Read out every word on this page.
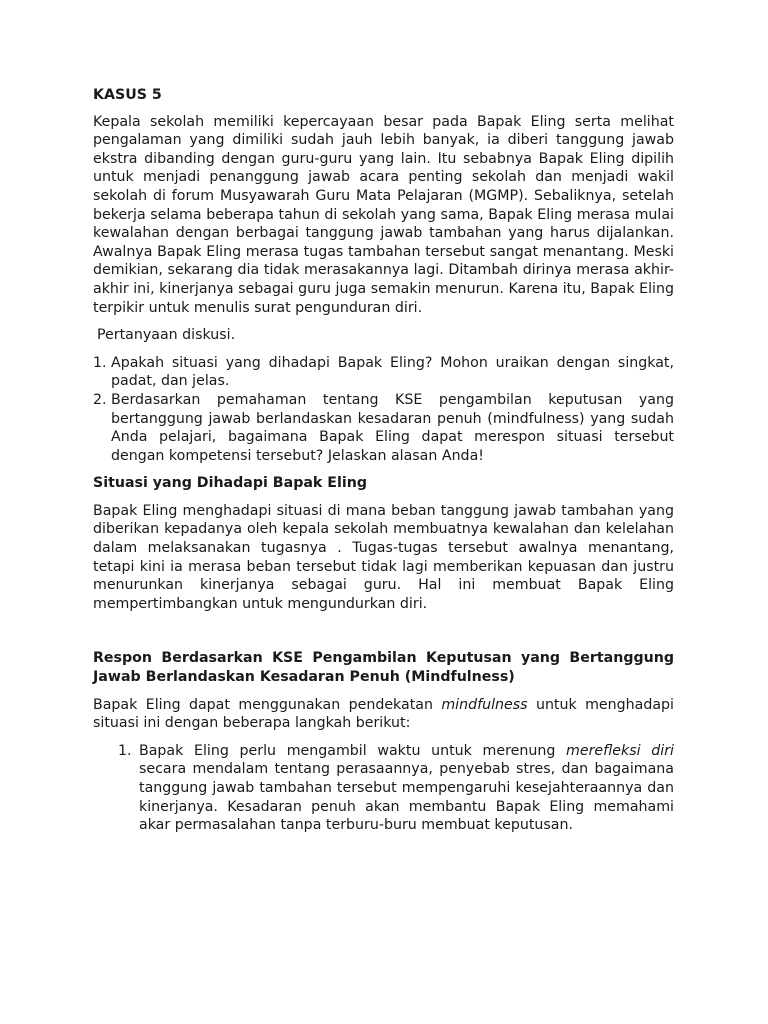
KASUS 5

Kepala sekolah memiliki kepercayaan besar pada Bapak Eling serta melihat pengalaman yang dimiliki sudah jauh lebih banyak, ia diberi tanggung jawab ekstra dibanding dengan guru-guru yang lain. Itu sebabnya Bapak Eling dipilih untuk menjadi penanggung jawab acara penting sekolah dan menjadi wakil sekolah di forum Musyawarah Guru Mata Pelajaran (MGMP). Sebaliknya, setelah bekerja selama beberapa tahun di sekolah yang sama, Bapak Eling merasa mulai kewalahan dengan berbagai tanggung jawab tambahan yang harus dijalankan. Awalnya Bapak Eling merasa tugas tambahan tersebut sangat menantang. Meski demikian, sekarang dia tidak merasakannya lagi. Ditambah dirinya merasa akhir-akhir ini, kinerjanya sebagai guru juga semakin menurun. Karena itu, Bapak Eling terpikir untuk menulis surat pengunduran diri.

Pertanyaan diskusi.

1. Apakah situasi yang dihadapi Bapak Eling? Mohon uraikan dengan singkat, padat, dan jelas.
2. Berdasarkan pemahaman tentang KSE pengambilan keputusan yang bertanggung jawab berlandaskan kesadaran penuh (mindfulness) yang sudah Anda pelajari, bagaimana Bapak Eling dapat merespon situasi tersebut dengan kompetensi tersebut? Jelaskan alasan Anda!

Situasi yang Dihadapi Bapak Eling

Bapak Eling menghadapi situasi di mana beban tanggung jawab tambahan yang diberikan kepadanya oleh kepala sekolah membuatnya kewalahan dan kelelahan dalam melaksanakan tugasnya . Tugas-tugas tersebut awalnya menantang, tetapi kini ia merasa beban tersebut tidak lagi memberikan kepuasan dan justru menurunkan kinerjanya sebagai guru. Hal ini membuat Bapak Eling mempertimbangkan untuk mengundurkan diri.

Respon Berdasarkan KSE Pengambilan Keputusan yang Bertanggung Jawab Berlandaskan Kesadaran Penuh (Mindfulness)

Bapak Eling dapat menggunakan pendekatan mindfulness untuk menghadapi situasi ini dengan beberapa langkah berikut:

1. Bapak Eling perlu mengambil waktu untuk merenung merefleksi diri secara mendalam tentang perasaannya, penyebab stres, dan bagaimana tanggung jawab tambahan tersebut mempengaruhi kesejahteraannya dan kinerjanya. Kesadaran penuh akan membantu Bapak Eling memahami akar permasalahan tanpa terburu-buru membuat keputusan.
